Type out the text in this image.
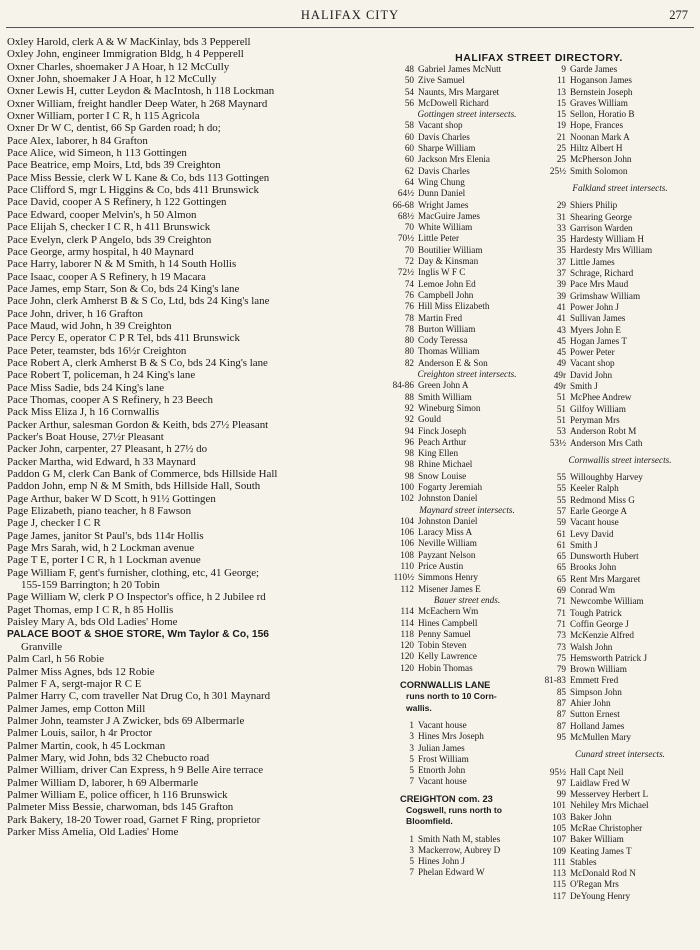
HALIFAX CITY	277
Oxley Harold, clerk A & W MacKinlay, bds 3 Pepperell
Oxley John, engineer Immigration Bldg, h 4 Pepperell
Oxner Charles, shoemaker J A Hoar, h 12 McCully
Oxner John, shoemaker J A Hoar, h 12 McCully
Oxner Lewis H, cutter Leydon & MacIntosh, h 118 Lockman
Oxner William, freight handler Deep Water, h 268 Maynard
Oxner William, porter I C R, h 115 Agricola
Oxner Dr W C, dentist, 66 Sp Garden road; h do;
Pace Alex, laborer, h 84 Grafton
Pace Alice, wid Simeon, h 113 Gottingen
Pace Beatrice, emp Moirs, Ltd, bds 39 Creighton
Pace Miss Bessie, clerk W L Kane & Co, bds 113 Gottingen
Pace Clifford S, mgr L Higgins & Co, bds 411 Brunswick
Pace David, cooper A S Refinery, h 122 Gottingen
Pace Edward, cooper Melvin's, h 50 Almon
Pace Elijah S, checker I C R, h 411 Brunswick
Pace Evelyn, clerk P Angelo, bds 39 Creighton
Pace George, army hospital, h 40 Maynard
Pace Harry, laborer N & M Smith, h 14 South Hollis
Pace Isaac, cooper A S Refinery, h 19 Macara
Pace James, emp Starr, Son & Co, bds 24 King's lane
Pace John, clerk Amherst B & S Co, Ltd, bds 24 King's lane
Pace John, driver, h 16 Grafton
Pace Maud, wid John, h 39 Creighton
Pace Percy E, operator C P R Tel, bds 411 Brunswick
Pace Peter, teamster, bds 16½r Creighton
Pace Robert A, clerk Amherst B & S Co, bds 24 King's lane
Pace Robert T, policeman, h 24 King's lane
Pace Miss Sadie, bds 24 King's lane
Pace Thomas, cooper A S Refinery, h 23 Beech
Pack Miss Eliza J, h 16 Cornwallis
Packer Arthur, salesman Gordon & Keith, bds 27½ Pleasant
Packer's Boat House, 27½r Pleasant
Packer John, carpenter, 27 Pleasant, h 27½ do
Packer Martha, wid Edward, h 33 Maynard
Paddon G M, clerk Can Bank of Commerce, bds Hillside Hall
Paddon John, emp N & M Smith, bds Hillside Hall, South
Page Arthur, baker W D Scott, h 91½ Gottingen
Page Elizabeth, piano teacher, h 8 Fawson
Page J, checker I C R
Page James, janitor St Paul's, bds 114r Hollis
Page Mrs Sarah, wid, h 2 Lockman avenue
Page T E, porter I C R, h 1 Lockman avenue
Page William F, gent's furnisher, clothing, etc, 41 George;
155-159 Barrington; h 20 Tobin
Page William W, clerk P O Inspector's office, h 2 Jubilee rd
Paget Thomas, emp I C R, h 85 Hollis
Paisley Mary A, bds Old Ladies' Home
PALACE BOOT & SHOE STORE, Wm Taylor & Co, 156
Granville
Palm Carl, h 56 Robie
Palmer Miss Agnes, bds 12 Robie
Palmer F A, sergt-major R C E
Palmer Harry C, com traveller Nat Drug Co, h 301 Maynard
Palmer James, emp Cotton Mill
Palmer John, teamster J A Zwicker, bds 69 Albermarle
Palmer Louis, sailor, h 4r Proctor
Palmer Martin, cook, h 45 Lockman
Palmer Mary, wid John, bds 32 Chebucto road
Palmer William, driver Can Express, h 9 Belle Aire terrace
Palmer William D, laborer, h 69 Albermarle
Palmer William E, police officer, h 116 Brunswick
Palmeter Miss Bessie, charwoman, bds 145 Grafton
Park Bakery, 18-20 Tower road, Garnet F Ring, proprietor
Parker Miss Amelia, Old Ladies' Home
HALIFAX STREET DIRECTORY.
48 Gabriel James McNutt
50 Zive Samuel
54 Naunts, Mrs Margaret
56 McDowell Richard
Gottingen street intersects.
58 Vacant shop
60 Davis Charles
60 Sharpe William
60 Jackson Mrs Elenia
62 Davis Charles
64 Wing Chung
64½ Dunn Daniel
66-68 Wright James
68½ MacGuire James
70 White William
70½ Little Peter
70 Boutilier William
72 Day & Kinsman
72½ Inglis W F C
74 Lemoe John Ed
76 Campbell John
76 Hill Miss Elizabeth
78 Martin Fred
78 Burton William
80 Cody Teressa
80 Thomas William
82 Anderson E & Son
Creighton street intersects.
84-86 Green John A
88 Smith William
92 Wineburg Simon
92 Gould
94 Finck Joseph
96 Peach Arthur
98 King Ellen
98 Rhine Michael
98 Snow Louise
100 Fogarty Jeremiah
102 Johnston Daniel
Maynard street intersects.
104 Johnston Daniel
106 Laracy Miss A
106 Neville William
108 Payzant Nelson
110 Price Austin
110½ Simmons Henry
112 Misener James E
Bauer street ends.
114 McEachern Wm
114 Hines Campbell
118 Penny Samuel
120 Tobin Steven
120 Kelly Lawrence
120 Hobin Thomas
CORNWALLIS LANE
runs north to 10 Corn-
wallis.
1 Vacant house
3 Hines Mrs Joseph
3 Julian James
5 Frost William
5 Etnorth John
7 Vacant house
CREIGHTON com. 23
Cogswell, runs north to
Bloomfield.
1 Smith Nath M, stables
3 Mackerrow, Aubrey D
5 Hines John J
7 Phelan Edward W
9 Garde James
11 Hoganson James
13 Bernstein Joseph
15 Graves William
15 Sellon, Horatio B
19 Hope, Frances
21 Noonan Mark A
25 Hiltz Albert H
25 McPherson John
25½ Smith Solomon
Falkland street intersects.
29 Shiers Philip
31 Shearing George
33 Garrison Warden
35 Hardesty William H
35 Hardesty Mrs William
37 Little James
37 Schrage, Richard
39 Pace Mrs Maud
39 Grimshaw William
41 Power John J
41 Sullivan James
43 Myers John E
45 Hogan James T
45 Power Peter
49 Vacant shop
49r David John
49r Smith J
51 McPhee Andrew
51 Gilfoy William
51 Peryman Mrs
53 Anderson Robt M
53½ Anderson Mrs Cath
Cornwallis street intersects.
55 Willoughby Harvey
55 Keeler Ralph
55 Redmond Miss G
57 Earle George A
59 Vacant house
61 Levy David
61 Smith J
65 Dunsworth Hubert
65 Brooks John
65 Rent Mrs Margaret
69 Conrad Wm
71 Newcombe William
71 Tough Patrick
71 Coffin George J
73 McKenzie Alfred
73 Walsh John
75 Hemsworth Patrick J
79 Brown William
81-83 Emmett Fred
85 Simpson John
87 Ahier John
87 Sutton Ernest
87 Holland James
95 McMullen Mary
Cunard street intersects.
95½ Hall Capt Neil
97 Laidlaw Fred W
99 Messervey Herbert L
101 Nehiley Mrs Michael
103 Baker John
105 McRae Christopher
107 Baker William
109 Keating James T
111 Stables
113 McDonald Rod N
115 O'Regan Mrs
117 DeYoung Henry
